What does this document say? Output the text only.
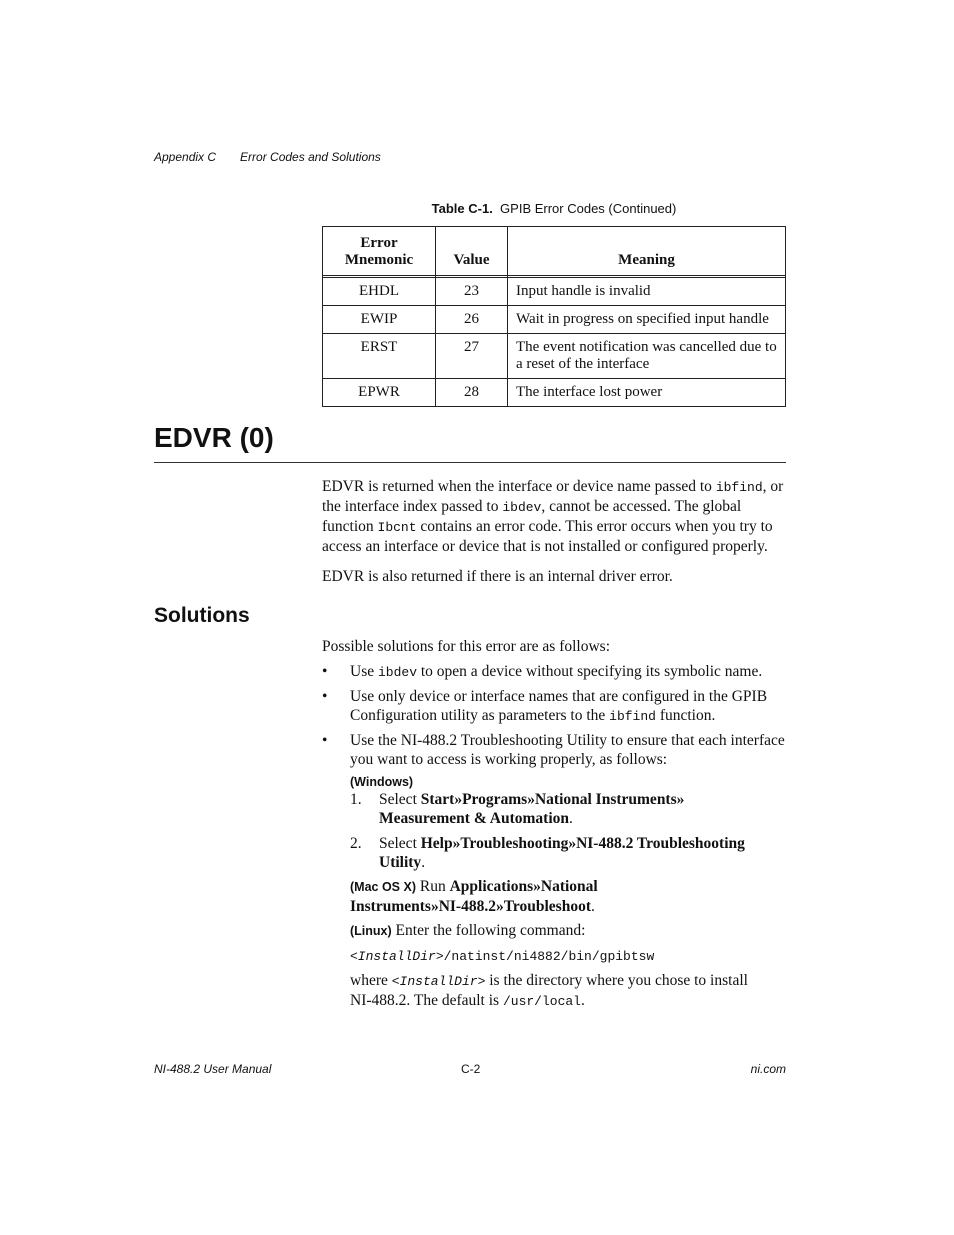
Appendix C Error Codes and Solutions
Table C-1. GPIB Error Codes (Continued)
Error
Mnemonic	Value	Meaning

EHDL	23	Input handle is invalid
EWIP	26	Wait in progress on specified input handle
ERST	27	The event notification was cancelled due to a reset of the interface
EPWR	28	The interface lost power
EDVR (0)
EDVR is returned when the interface or device name passed to ibfind, or the interface index passed to ibdev, cannot be accessed. The global function Ibcnt contains an error code. This error occurs when you try to access an interface or device that is not installed or configured properly.
EDVR is also returned if there is an internal driver error.
Solutions
Possible solutions for this error are as follows:
• Use ibdev to open a device without specifying its symbolic name.
• Use only device or interface names that are configured in the GPIB Configuration utility as parameters to the ibfind function.
• Use the NI-488.2 Troubleshooting Utility to ensure that each interface you want to access is working properly, as follows:
(Windows)
1. Select Start»Programs»National Instruments» Measurement & Automation.
2. Select Help»Troubleshooting»NI-488.2 Troubleshooting Utility.
(Mac OS X) Run Applications»National Instruments»NI-488.2»Troubleshoot.
(Linux) Enter the following command:
<InstallDir>/natinst/ni4882/bin/gpibtsw
where <InstallDir> is the directory where you chose to install NI-488.2. The default is /usr/local.
NI-488.2 User Manual	C-2	ni.com
